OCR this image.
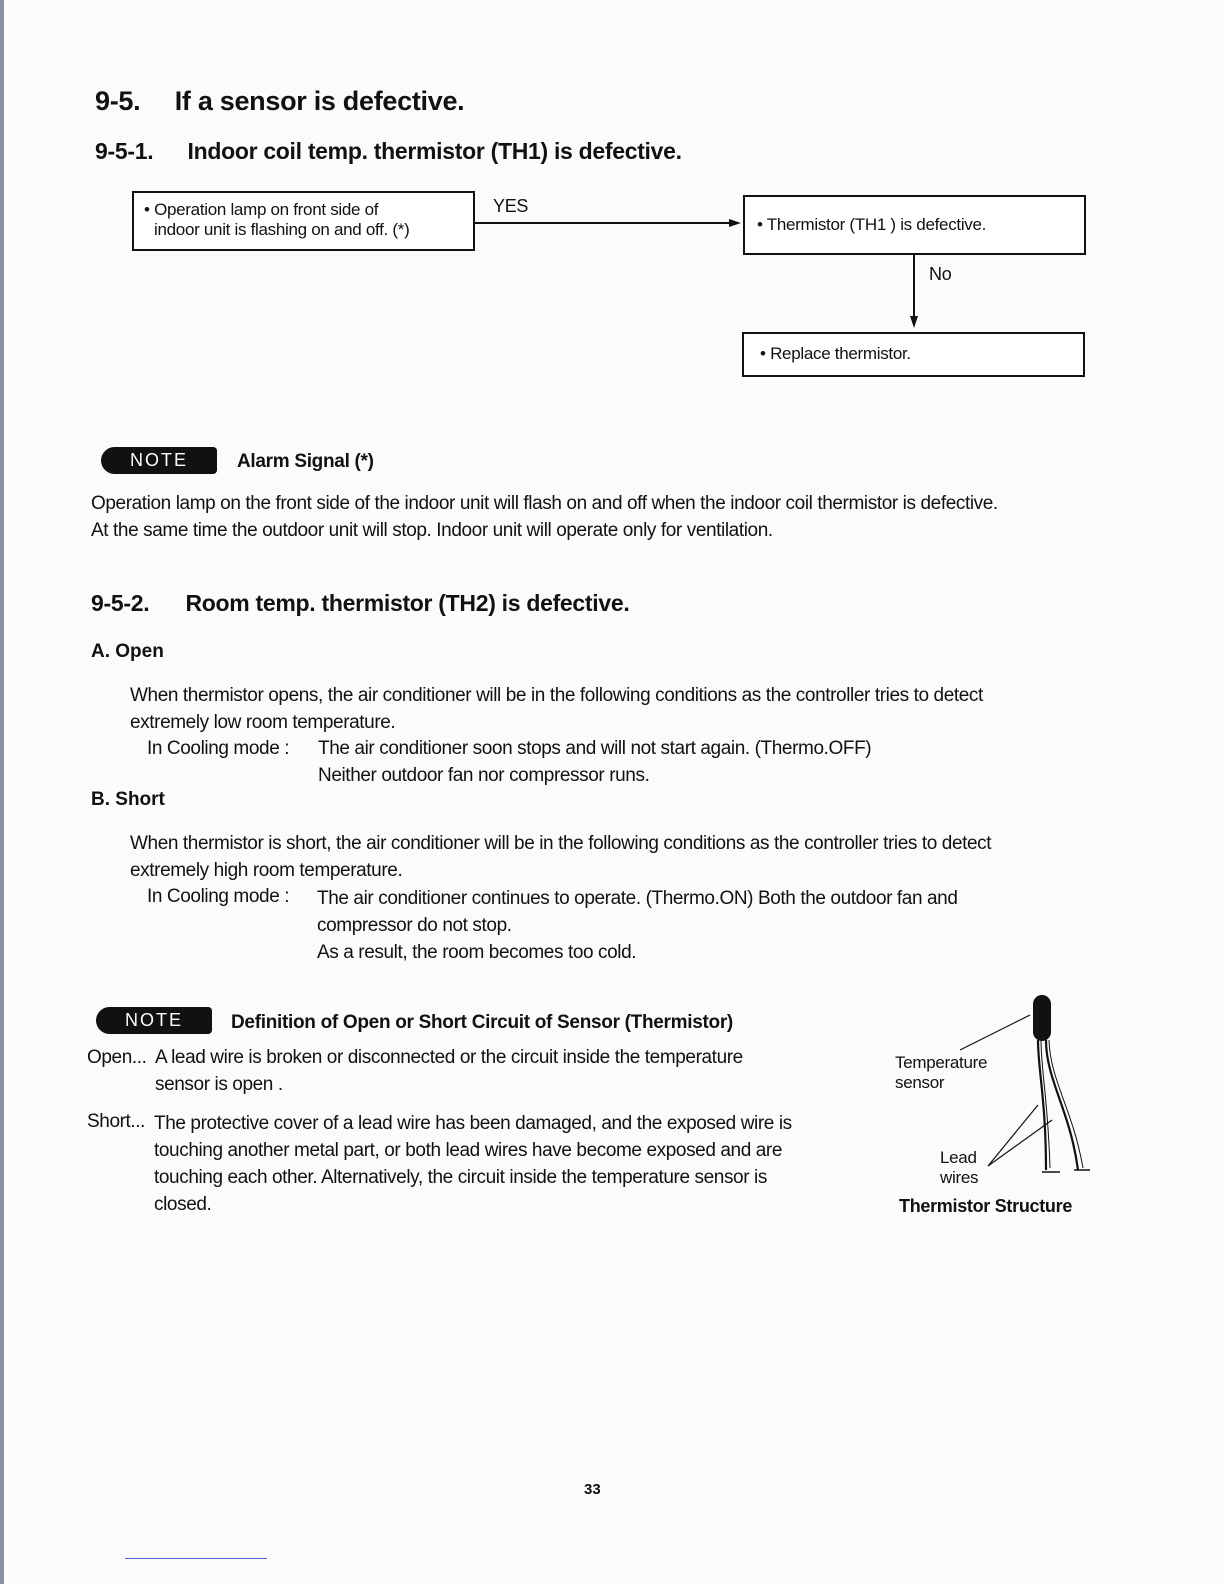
9-5. If a sensor is defective.
9-5-1. Indoor coil temp. thermistor (TH1) is defective.
• Operation lamp on front side of
indoor unit is flashing on and off. (*)
YES
• Thermistor (TH1 ) is defective.
No
• Replace thermistor.
NOTE	Alarm Signal (*)
Operation lamp on the front side of the indoor unit will flash on and off when the indoor coil thermistor is defective.
At the same time the outdoor unit will stop. Indoor unit will operate only for ventilation.
9-5-2. Room temp. thermistor (TH2) is defective.
A. Open
When thermistor opens, the air conditioner will be in the following conditions as the controller tries to detect
extremely low room temperature.
In Cooling mode : The air conditioner soon stops and will not start again. (Thermo.OFF)
Neither outdoor fan nor compressor runs.
B. Short
When thermistor is short, the air conditioner will be in the following conditions as the controller tries to detect
extremely high room temperature.
In Cooling mode : The air conditioner continues to operate. (Thermo.ON) Both the outdoor fan and
compressor do not stop.
As a result, the room becomes too cold.
NOTE	Definition of Open or Short Circuit of Sensor (Thermistor)
Open... A lead wire is broken or disconnected or the circuit inside the temperature
sensor is open .
Short... The protective cover of a lead wire has been damaged, and the exposed wire is
touching another metal part, or both lead wires have become exposed and are
touching each other. Alternatively, the circuit inside the temperature sensor is
closed.
Temperature
sensor
Lead
wires
Thermistor Structure
33
